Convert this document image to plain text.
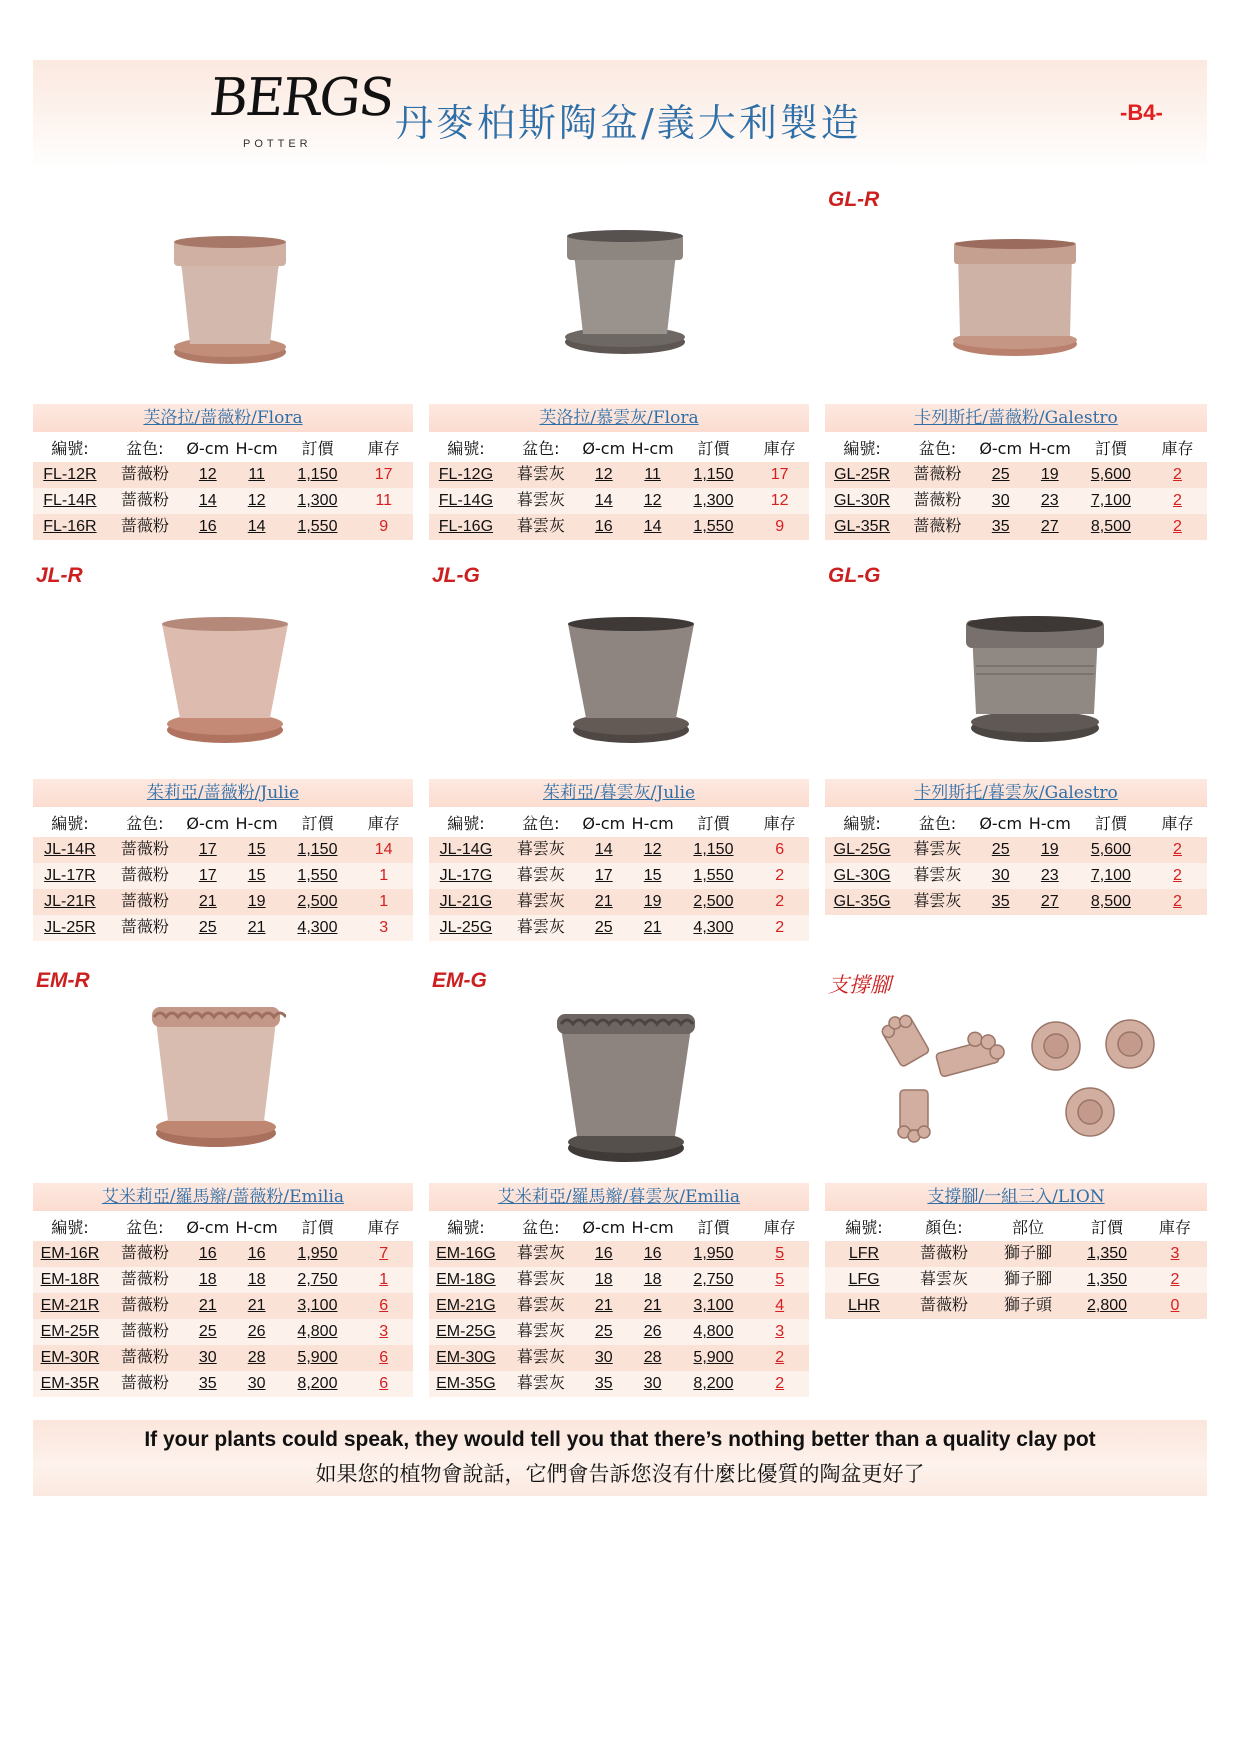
BERGS
POTTER 丹麥柏斯陶盆/義大利製造	-B4-
GL-R
JL-R	JL-G	GL-G
EM-R	EM-G	支撐腳
芙洛拉/蔷薇粉/Flora
編號:	盆色:	Ø-cm	H-cm	訂價	庫存
FL-12R	蔷薇粉	12	11	1,150	17
FL-14R	蔷薇粉	14	12	1,300	11
FL-16R	蔷薇粉	16	14	1,550	9
芙洛拉/慕雲灰/Flora
編號:	盆色:	Ø-cm	H-cm	訂價	庫存
FL-12G	暮雲灰	12	11	1,150	17
FL-14G	暮雲灰	14	12	1,300	12
FL-16G	暮雲灰	16	14	1,550	9
卡列斯托/蔷薇粉/Galestro
編號:	盆色:	Ø-cm	H-cm	訂價	庫存
GL-25R	蔷薇粉	25	19	5,600	2
GL-30R	蔷薇粉	30	23	7,100	2
GL-35R	蔷薇粉	35	27	8,500	2
茱莉亞/蔷薇粉/Julie
編號:	盆色:	Ø-cm	H-cm	訂價	庫存
JL-14R	蔷薇粉	17	15	1,150	14
JL-17R	蔷薇粉	17	15	1,550	1
JL-21R	蔷薇粉	21	19	2,500	1
JL-25R	蔷薇粉	25	21	4,300	3
茱莉亞/暮雲灰/Julie
編號:	盆色:	Ø-cm	H-cm	訂價	庫存
JL-14G	暮雲灰	14	12	1,150	6
JL-17G	暮雲灰	17	15	1,550	2
JL-21G	暮雲灰	21	19	2,500	2
JL-25G	暮雲灰	25	21	4,300	2
卡列斯托/暮雲灰/Galestro
編號:	盆色:	Ø-cm	H-cm	訂價	庫存
GL-25G	暮雲灰	25	19	5,600	2
GL-30G	暮雲灰	30	23	7,100	2
GL-35G	暮雲灰	35	27	8,500	2
艾米莉亞/羅馬辮/蔷薇粉/Emilia
編號:	盆色:	Ø-cm	H-cm	訂價	庫存
EM-16R	蔷薇粉	16	16	1,950	7
EM-18R	蔷薇粉	18	18	2,750	1
EM-21R	蔷薇粉	21	21	3,100	6
EM-25R	蔷薇粉	25	26	4,800	3
EM-30R	蔷薇粉	30	28	5,900	6
EM-35R	蔷薇粉	35	30	8,200	6
艾米莉亞/羅馬辮/暮雲灰/Emilia
編號:	盆色:	Ø-cm	H-cm	訂價	庫存
EM-16G	暮雲灰	16	16	1,950	5
EM-18G	暮雲灰	18	18	2,750	5
EM-21G	暮雲灰	21	21	3,100	4
EM-25G	暮雲灰	25	26	4,800	3
EM-30G	暮雲灰	30	28	5,900	2
EM-35G	暮雲灰	35	30	8,200	2
支撐腳/一組三入/LION
編號:	顏色:	部位	訂價	庫存
LFR	蔷薇粉	獅子腳	1,350	3
LFG	暮雲灰	獅子腳	1,350	2
LHR	蔷薇粉	獅子頭	2,800	0
If your plants could speak, they would tell you that there’s nothing better than a quality clay pot
如果您的植物會說話，它們會告訴您沒有什麼比優質的陶盆更好了
